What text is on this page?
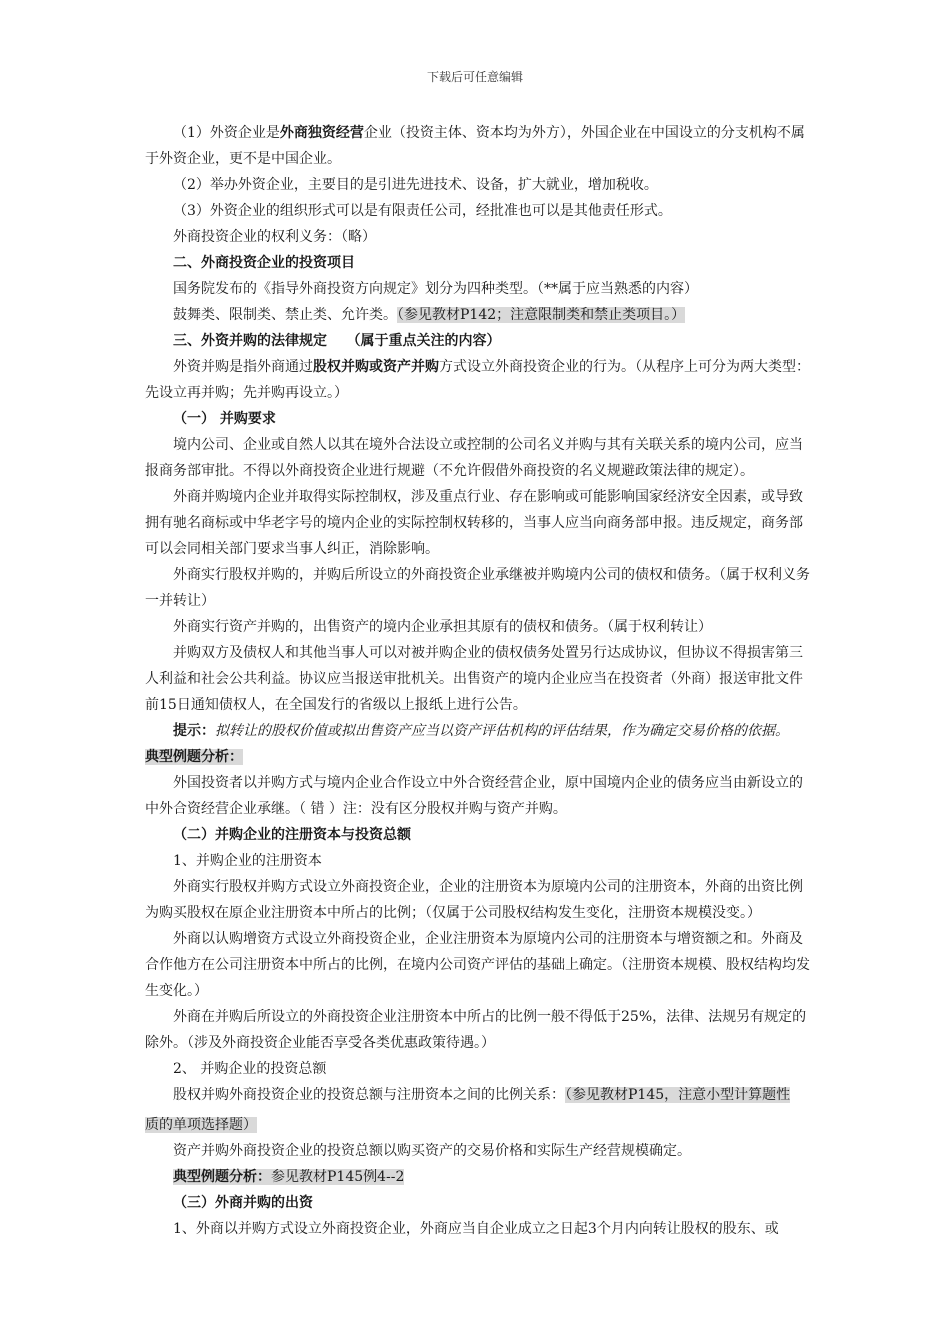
下载后可任意编辑

（1）外资企业是外商独资经营企业（投资主体、资本均为外方），外国企业在中国设立的分支机构不属于外资企业，更不是中国企业。

（2）举办外资企业，主要目的是引进先进技术、设备，扩大就业，增加税收。

（3）外资企业的组织形式可以是有限责任公司，经批准也可以是其他责任形式。

外商投资企业的权利义务：（略）

二、外商投资企业的投资项目

国务院发布的《指导外商投资方向规定》划分为四种类型。（**属于应当熟悉的内容）

鼓舞类、限制类、禁止类、允许类。（参见教材P142；注意限制类和禁止类项目。）

三、外资并购的法律规定 （属于重点关注的内容）

外资并购是指外商通过股权并购或资产并购方式设立外商投资企业的行为。（从程序上可分为两大类型：先设立再并购；先并购再设立。）

（一） 并购要求

境内公司、企业或自然人以其在境外合法设立或控制的公司名义并购与其有关联关系的境内公司，应当报商务部审批。不得以外商投资企业进行规避（不允许假借外商投资的名义规避政策法律的规定）。

外商并购境内企业并取得实际控制权，涉及重点行业、存在影响或可能影响国家经济安全因素，或导致拥有驰名商标或中华老字号的境内企业的实际控制权转移的，当事人应当向商务部申报。违反规定，商务部可以会同相关部门要求当事人纠正，消除影响。

外商实行股权并购的，并购后所设立的外商投资企业承继被并购境内公司的债权和债务。（属于权利义务一并转让）

外商实行资产并购的，出售资产的境内企业承担其原有的债权和债务。（属于权利转让）

并购双方及债权人和其他当事人可以对被并购企业的债权债务处置另行达成协议，但协议不得损害第三人利益和社会公共利益。协议应当报送审批机关。出售资产的境内企业应当在投资者（外商）报送审批文件前15日通知债权人，在全国发行的省级以上报纸上进行公告。

提示：拟转让的股权价值或拟出售资产应当以资产评估机构的评估结果，作为确定交易价格的依据。

典型例题分析：

外国投资者以并购方式与境内企业合作设立中外合资经营企业，原中国境内企业的债务应当由新设立的中外合资经营企业承继。（ 错 ）注：没有区分股权并购与资产并购。

（二）并购企业的注册资本与投资总额

1、并购企业的注册资本

外商实行股权并购方式设立外商投资企业，企业的注册资本为原境内公司的注册资本，外商的出资比例为购买股权在原企业注册资本中所占的比例；（仅属于公司股权结构发生变化，注册资本规模没变。）

外商以认购增资方式设立外商投资企业，企业注册资本为原境内公司的注册资本与增资额之和。外商及合作他方在公司注册资本中所占的比例，在境内公司资产评估的基础上确定。（注册资本规模、股权结构均发生变化。）

外商在并购后所设立的外商投资企业注册资本中所占的比例一般不得低于25%，法律、法规另有规定的除外。（涉及外商投资企业能否享受各类优惠政策待遇。）

2、 并购企业的投资总额

股权并购外商投资企业的投资总额与注册资本之间的比例关系：（参见教材P145，注意小型计算题性

质的单项选择题）

资产并购外商投资企业的投资总额以购买资产的交易价格和实际生产经营规模确定。

典型例题分析：参见教材P145例4--2

（三）外商并购的出资

1、外商以并购方式设立外商投资企业，外商应当自企业成立之日起3个月内向转让股权的股东、或
